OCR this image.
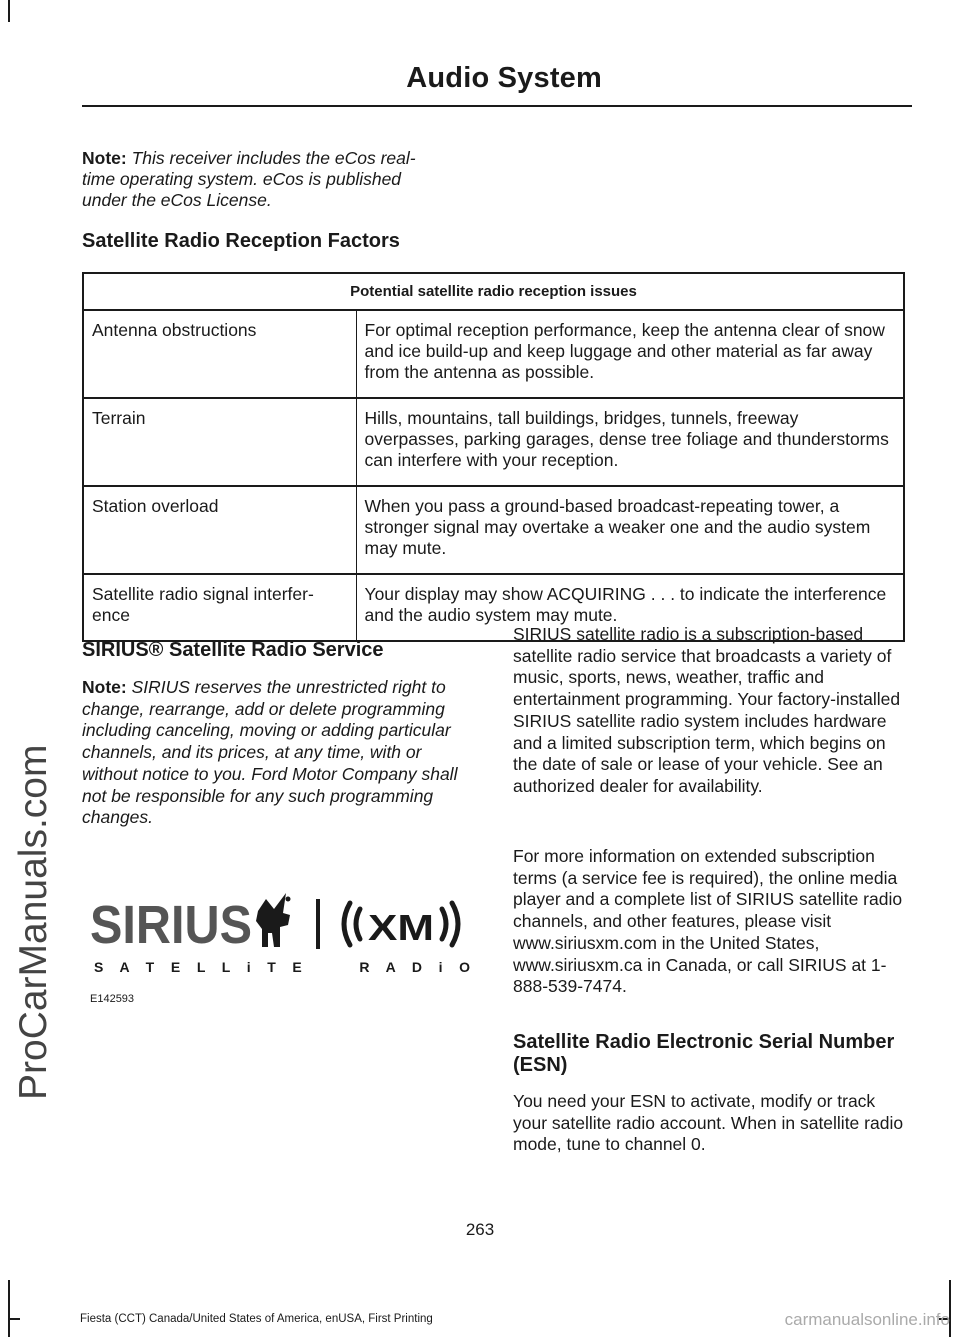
Audio System
ProCarManuals.com
Note: This receiver includes the eCos real-time operating system. eCos is published under the eCos License.
Satellite Radio Reception Factors
Potential satellite radio reception issues	
Antenna obstructions	For optimal reception performance, keep the antenna clear of snow and ice build-up and keep luggage and other material as far away from the antenna as possible.
Terrain	Hills, mountains, tall buildings, bridges, tunnels, freeway overpasses, parking garages, dense tree foliage and thunderstorms can interfere with your reception.
Station overload	When you pass a ground-based broadcast-repeating tower, a stronger signal may overtake a weaker one and the audio system may mute.
Satellite radio signal interfer-ence	Your display may show ACQUIRING . . . to indicate the interference and the audio system may mute.
SIRIUS® Satellite Radio Service
Note: SIRIUS reserves the unrestricted right to change, rearrange, add or delete programming including canceling, moving or adding particular channels, and its prices, at any time, with or without notice to you. Ford Motor Company shall not be responsible for any such programming changes.
SIRIUS	XM
S A T E L L i T E     R A D i O
E142593

SIRIUS satellite radio is a subscription-based satellite radio service that broadcasts a variety of music, sports, news, weather, traffic and entertainment programming. Your factory-installed SIRIUS satellite radio system includes hardware and a limited subscription term, which begins on the date of sale or lease of your vehicle. See an authorized dealer for availability.

For more information on extended subscription terms (a service fee is required), the online media player and a complete list of SIRIUS satellite radio channels, and other features, please visit www.siriusxm.com in the United States, www.siriusxm.ca in Canada, or call SIRIUS at 1-888-539-7474.

Satellite Radio Electronic Serial Number (ESN)

You need your ESN to activate, modify or track your satellite radio account. When in satellite radio mode, tune to channel 0.

263
Fiesta (CCT) Canada/United States of America, enUSA, First Printing	carmanualsonline.info
